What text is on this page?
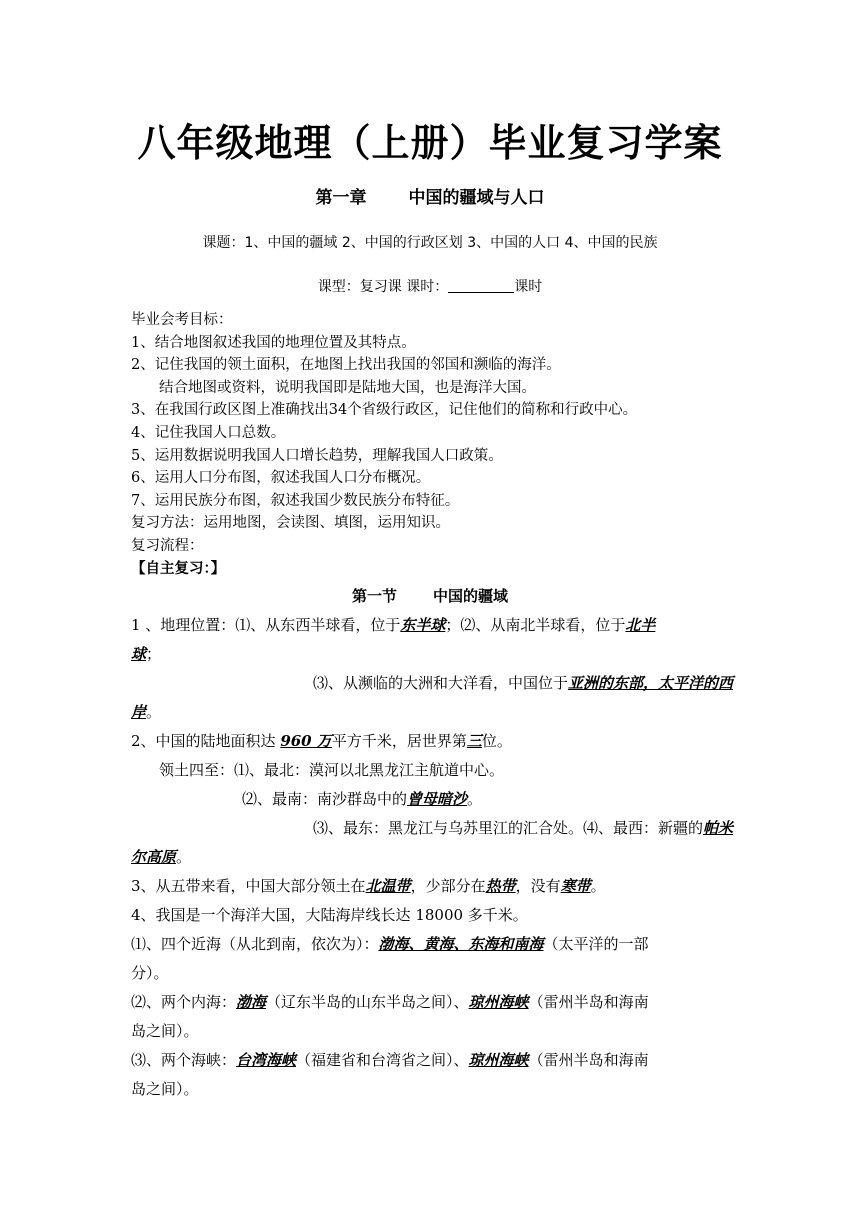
八年级地理（上册）毕业复习学案
第一章 中国的疆域与人口
课题：1、中国的疆域 2、中国的行政区划 3、中国的人口 4、中国的民族
课型：复习课 课时：	课时
毕业会考目标：
1、结合地图叙述我国的地理位置及其特点。
2、记住我国的领土面积，在地图上找出我国的邻国和濒临的海洋。
结合地图或资料，说明我国即是陆地大国，也是海洋大国。
3、在我国行政区图上准确找出34个省级行政区，记住他们的简称和行政中心。
4、记住我国人口总数。
5、运用数据说明我国人口增长趋势，理解我国人口政策。
6、运用人口分布图，叙述我国人口分布概况。
7、运用民族分布图，叙述我国少数民族分布特征。
复习方法：运用地图，会读图、填图，运用知识。
复习流程：
【自主复习：】
第一节 中国的疆域
1 、地理位置：⑴、从东西半球看，位于东半球；⑵、从南北半球看，位于北半
球；
⑶、从濒临的大洲和大洋看，中国位于亚洲的东部，太平洋的西
岸。
2、中国的陆地面积达 960 万平方千米，居世界第三位。
领土四至：⑴、最北：漠河以北黑龙江主航道中心。
⑵、最南：南沙群岛中的曾母暗沙。
⑶、最东：黑龙江与乌苏里江的汇合处。⑷、最西：新疆的帕米
尔高原。
3、从五带来看，中国大部分领土在北温带，少部分在热带，没有寒带。
4、我国是一个海洋大国，大陆海岸线长达 18000 多千米。
⑴、四个近海（从北到南，依次为）：渤海、黄海、东海和南海（太平洋的一部
分）。
⑵、两个内海：渤海（辽东半岛的山东半岛之间）、琼州海峡（雷州半岛和海南
岛之间）。
⑶、两个海峡：台湾海峡（福建省和台湾省之间）、琼州海峡（雷州半岛和海南
岛之间）。
